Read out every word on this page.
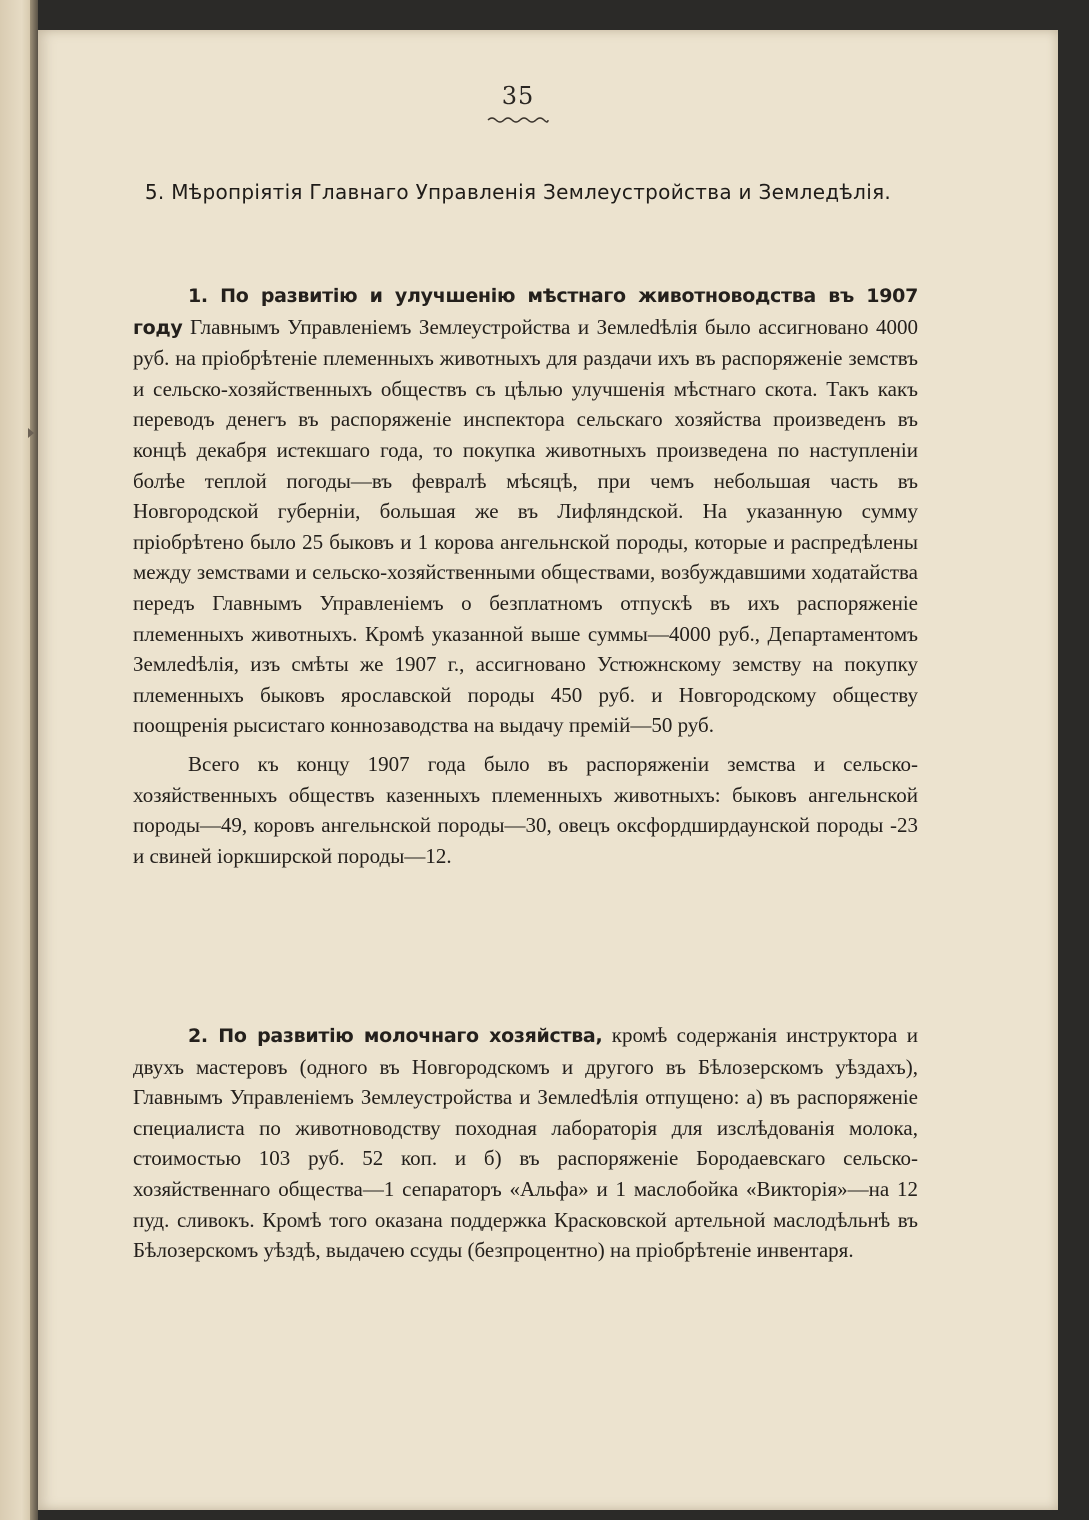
35
5. Мѣропріятія Главнаго Управленія Землеустройства и Земледѣлія.

1. По развитію и улучшенію мѣстнаго животноводства въ 1907 году Главнымъ Управленіемъ Землеустройства и Землedѣлія было ассигновано 4000 руб. на пріобрѣтеніе племенныхъ животныхъ для раздачи ихъ въ распоряженіе земствъ и сельско-хозяйственныхъ обществъ съ цѣлью улучшенія мѣстнаго скота. Такъ какъ переводъ денегъ въ распоряженіе инспектора сельскаго хозяйства произведенъ въ концѣ декабря истекшаго года, то покупка животныхъ произведена по наступленіи болѣе теплой погоды—въ февралѣ мѣсяцѣ, при чемъ небольшая часть въ Новгородской губерніи, большая же въ Лифляндской. На указанную сумму пріобрѣтено было 25 быковъ и 1 корова ангельнской породы, которые и распредѣлены между земствами и сельско-хозяйственными обществами, возбуждавшими ходатайства передъ Главнымъ Управленіемъ о безплатномъ отпускѣ въ ихъ распоряженіе племенныхъ животныхъ. Кромѣ указанной выше суммы—4000 руб., Департаментомъ Землedѣлія, изъ смѣты же 1907 г., ассигновано Устюжнскому земству на покупку племенныхъ быковъ ярославской породы 450 руб. и Новгородскому обществу поощренія рысистаго коннозаводства на выдачу премій—50 руб.

Всего къ концу 1907 года было въ распоряженіи земства и сельско-хозяйственныхъ обществъ казенныхъ племенныхъ животныхъ: быковъ ангельнской породы—49, коровъ ангельнской породы—30, овецъ оксфордширдаунской породы -23 и свиней іоркширской породы—12.

2. По развитію молочнаго хозяйства, кромѣ содержанія инструктора и двухъ мастеровъ (одного въ Новгородскомъ и другого въ Бѣлозерскомъ уѣздахъ), Главнымъ Управленіемъ Землеустройства и Землedѣлія отпущено: а) въ распоряженіе специалиста по животноводству походная лабораторія для изслѣдованія молока, стоимостью 103 руб. 52 коп. и б) въ распоряженіе Бородаевскаго сельско-хозяйственнаго общества—1 сепараторъ «Альфа» и 1 маслобойка «Викторія»—на 12 пуд. сливокъ. Кромѣ того оказана поддержка Красковской артельной маслодѣльнѣ въ Бѣлозерскомъ уѣздѣ, выдачею ссуды (безпроцентно) на пріобрѣтеніе инвентаря.
